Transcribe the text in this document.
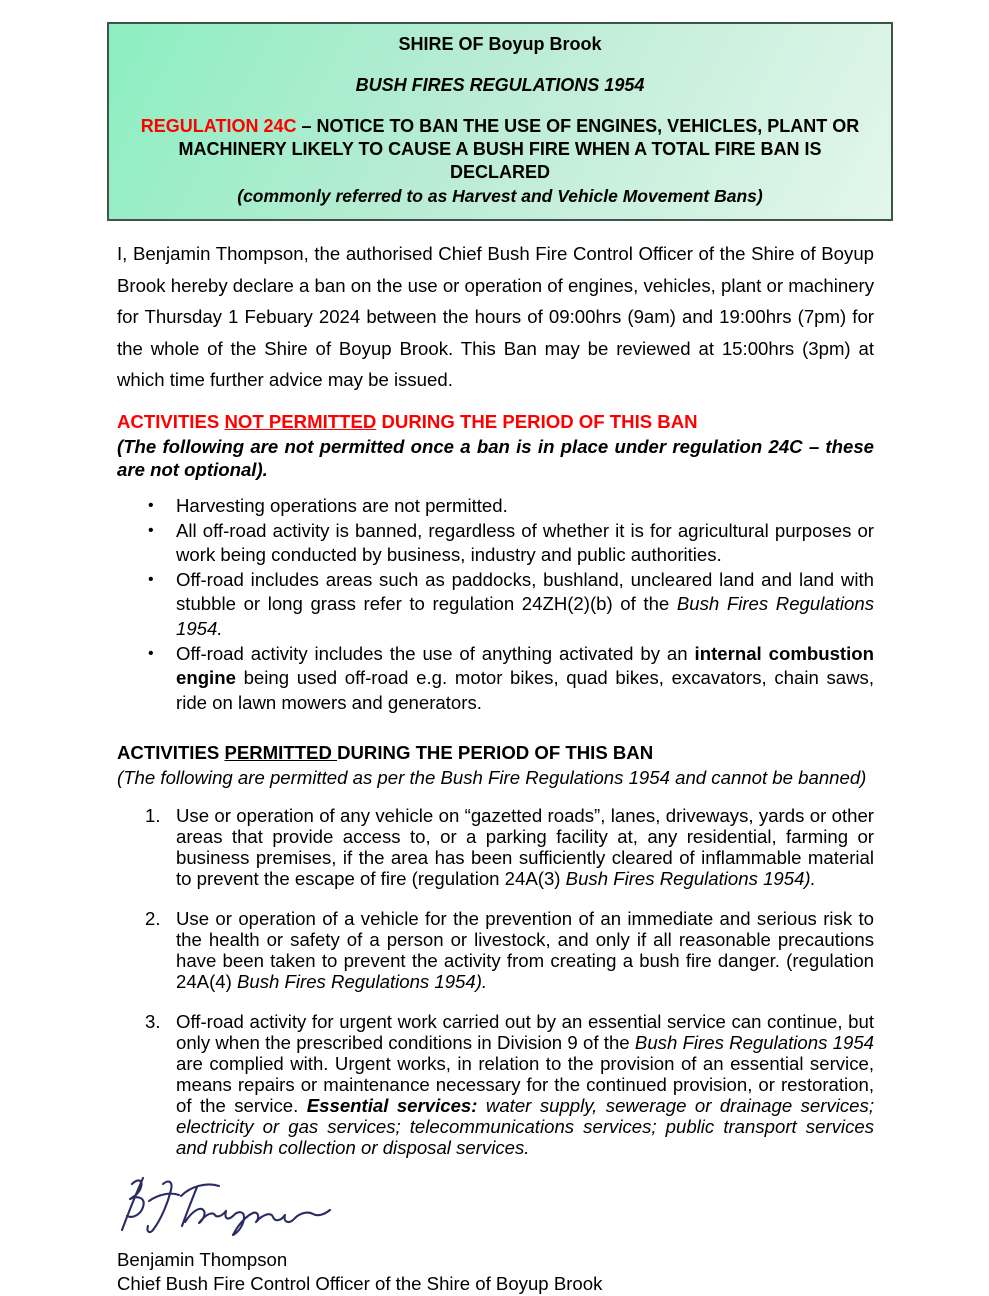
SHIRE OF Boyup Brook
BUSH FIRES REGULATIONS 1954
REGULATION 24C – NOTICE TO BAN THE USE OF ENGINES, VEHICLES, PLANT OR MACHINERY LIKELY TO CAUSE A BUSH FIRE WHEN A TOTAL FIRE BAN IS DECLARED
(commonly referred to as Harvest and Vehicle Movement Bans)

I, Benjamin Thompson, the authorised Chief Bush Fire Control Officer of the Shire of Boyup Brook hereby declare a ban on the use or operation of engines, vehicles, plant or machinery for Thursday 1 Febuary 2024 between the hours of 09:00hrs (9am) and 19:00hrs (7pm) for the whole of the Shire of Boyup Brook. This Ban may be reviewed at 15:00hrs (3pm) at which time further advice may be issued.

ACTIVITIES NOT PERMITTED DURING THE PERIOD OF THIS BAN

(The following are not permitted once a ban is in place under regulation 24C – these are not optional).

• Harvesting operations are not permitted.
• All off-road activity is banned, regardless of whether it is for agricultural purposes or work being conducted by business, industry and public authorities.
• Off-road includes areas such as paddocks, bushland, uncleared land and land with stubble or long grass refer to regulation 24ZH(2)(b) of the Bush Fires Regulations 1954.
• Off-road activity includes the use of anything activated by an internal combustion engine being used off-road e.g. motor bikes, quad bikes, excavators, chain saws, ride on lawn mowers and generators.
ACTIVITIES PERMITTED DURING THE PERIOD OF THIS BAN

(The following are permitted as per the Bush Fire Regulations 1954 and cannot be banned)

1. Use or operation of any vehicle on “gazetted roads”, lanes, driveways, yards or other areas that provide access to, or a parking facility at, any residential, farming or business premises, if the area has been sufficiently cleared of inflammable material to prevent the escape of fire (regulation 24A(3) Bush Fires Regulations 1954).
2. Use or operation of a vehicle for the prevention of an immediate and serious risk to the health or safety of a person or livestock, and only if all reasonable precautions have been taken to prevent the activity from creating a bush fire danger. (regulation 24A(4) Bush Fires Regulations 1954).
3. Off-road activity for urgent work carried out by an essential service can continue, but only when the prescribed conditions in Division 9 of the Bush Fires Regulations 1954 are complied with. Urgent works, in relation to the provision of an essential service, means repairs or maintenance necessary for the continued provision, or restoration, of the service. Essential services: water supply, sewerage or drainage services; electricity or gas services; telecommunications services; public transport services and rubbish collection or disposal services.

Benjamin Thompson

Chief Bush Fire Control Officer of the Shire of Boyup Brook
